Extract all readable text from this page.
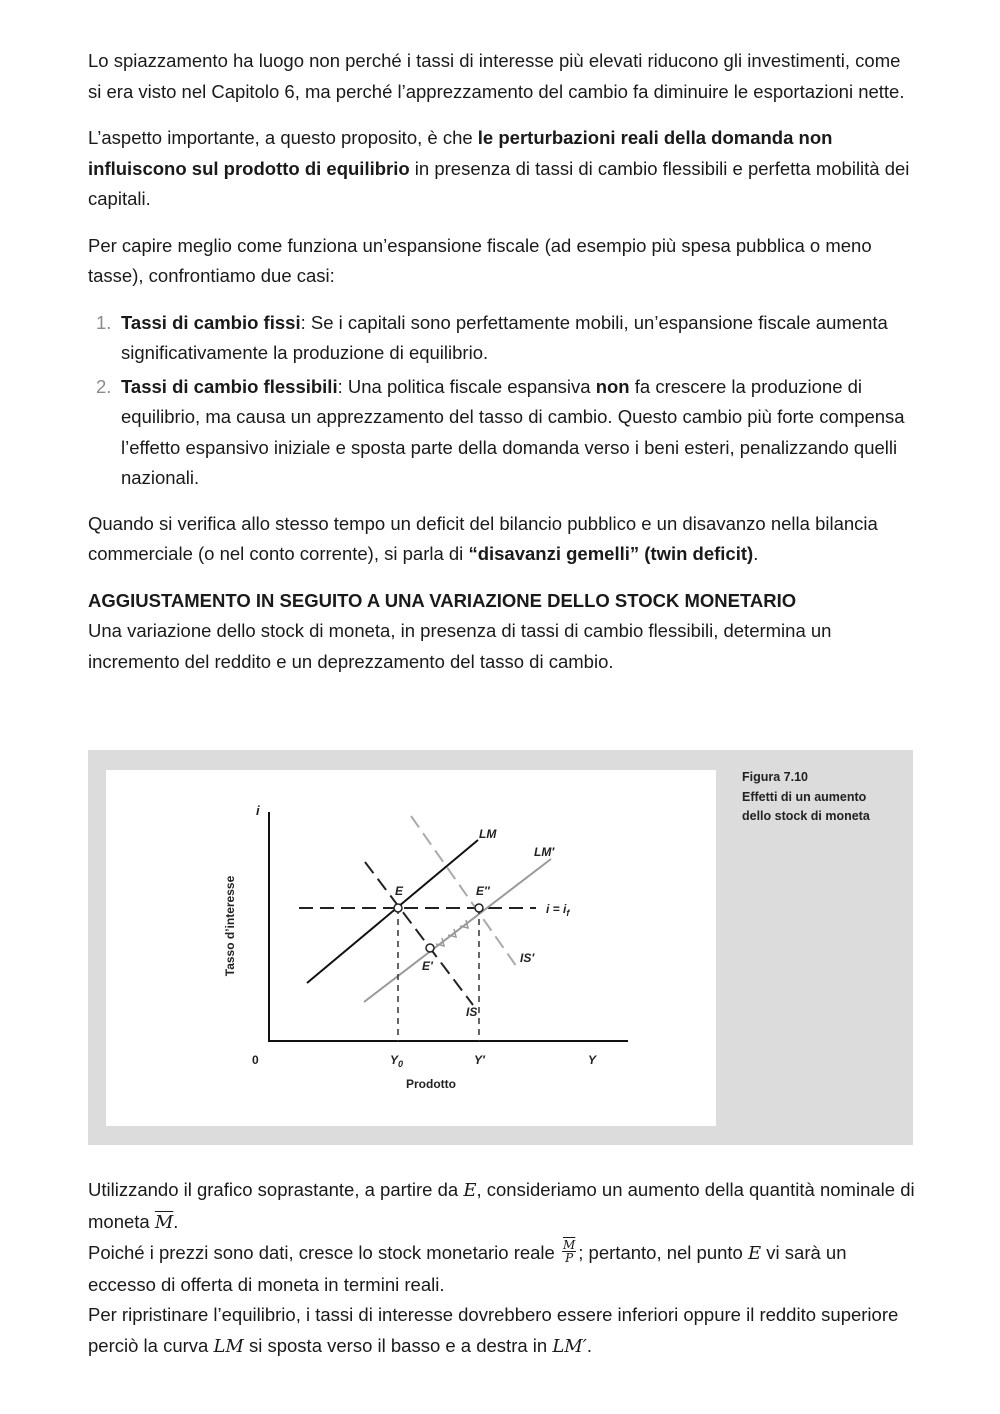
Lo spiazzamento ha luogo non perché i tassi di interesse più elevati riducono gli investimenti, come si era visto nel Capitolo 6, ma perché l’apprezzamento del cambio fa diminuire le esportazioni nette.

L’aspetto importante, a questo proposito, è che le perturbazioni reali della domanda non influiscono sul prodotto di equilibrio in presenza di tassi di cambio flessibili e perfetta mobilità dei capitali.

Per capire meglio come funziona un’espansione fiscale (ad esempio più spesa pubblica o meno tasse), confrontiamo due casi:

1. Tassi di cambio fissi: Se i capitali sono perfettamente mobili, un’espansione fiscale aumenta significativamente la produzione di equilibrio.
2. Tassi di cambio flessibili: Una politica fiscale espansiva non fa crescere la produzione di equilibrio, ma causa un apprezzamento del tasso di cambio. Questo cambio più forte compensa l’effetto espansivo iniziale e sposta parte della domanda verso i beni esteri, penalizzando quelli nazionali.

Quando si verifica allo stesso tempo un deficit del bilancio pubblico e un disavanzo nella bilancia commerciale (o nel conto corrente), si parla di “disavanzi gemelli” (twin deficit).

AGGIUSTAMENTO IN SEGUITO A UNA VARIAZIONE DELLO STOCK MONETARIO

Una variazione dello stock di moneta, in presenza di tassi di cambio flessibili, determina un incremento del reddito e un deprezzamento del tasso di cambio.

i
Tasso d’interesse
0	$Y_0$	Y′	Y
Prodotto
$i = i_f$
IS′
IS
LM
LM′
E	E″
E′
Figura 7.10
Effetti di un aumento
dello stock di moneta

Utilizzando il grafico soprastante, a partire da E, consideriamo un aumento della quantità nominale di moneta $\overline{M}$.

Poiché i prezzi sono dati, cresce lo stock monetario reale $\frac{\overline{M}}{P}$ ; pertanto, nel punto E vi sarà un eccesso di offerta di moneta in termini reali.

Per ripristinare l’equilibrio, i tassi di interesse dovrebbero essere inferiori oppure il reddito superiore perciò la curva LM si sposta verso il basso e a destra in LM′.
